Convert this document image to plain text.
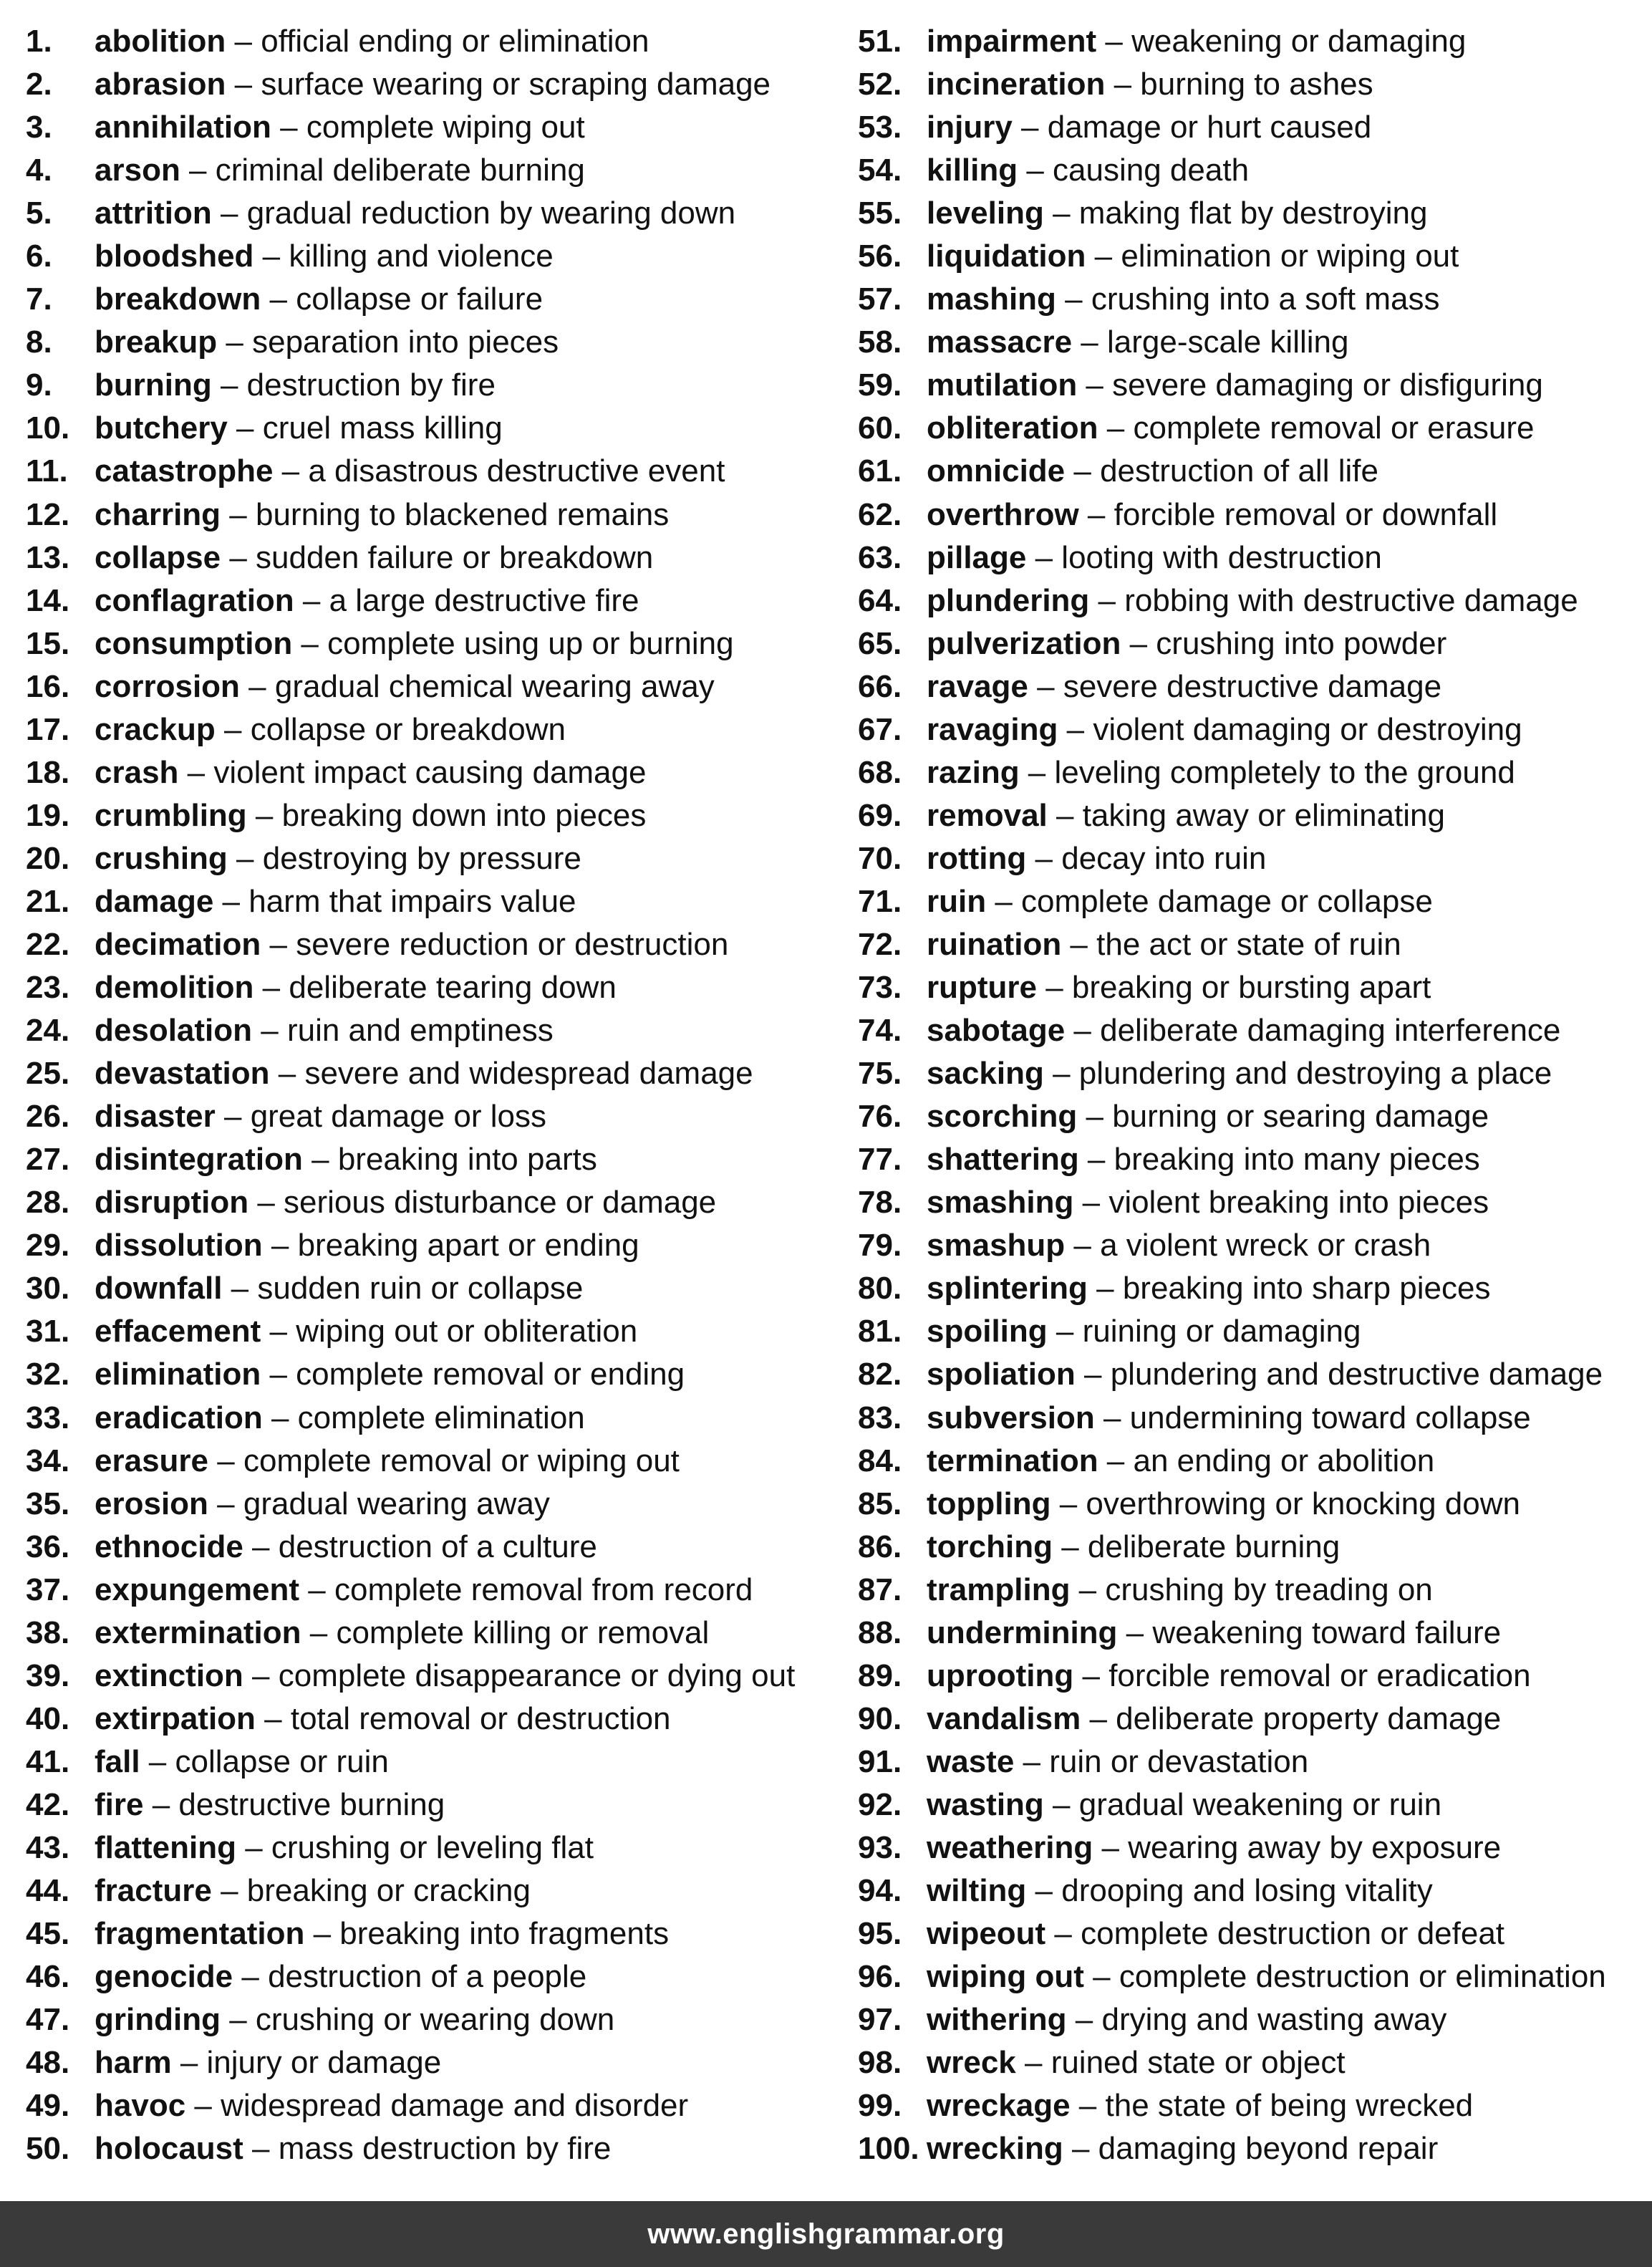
1. abolition – official ending or elimination
2. abrasion – surface wearing or scraping damage
3. annihilation – complete wiping out
4. arson – criminal deliberate burning
5. attrition – gradual reduction by wearing down
6. bloodshed – killing and violence
7. breakdown – collapse or failure
8. breakup – separation into pieces
9. burning – destruction by fire
10. butchery – cruel mass killing
11. catastrophe – a disastrous destructive event
12. charring – burning to blackened remains
13. collapse – sudden failure or breakdown
14. conflagration – a large destructive fire
15. consumption – complete using up or burning
16. corrosion – gradual chemical wearing away
17. crackup – collapse or breakdown
18. crash – violent impact causing damage
19. crumbling – breaking down into pieces
20. crushing – destroying by pressure
21. damage – harm that impairs value
22. decimation – severe reduction or destruction
23. demolition – deliberate tearing down
24. desolation – ruin and emptiness
25. devastation – severe and widespread damage
26. disaster – great damage or loss
27. disintegration – breaking into parts
28. disruption – serious disturbance or damage
29. dissolution – breaking apart or ending
30. downfall – sudden ruin or collapse
31. effacement – wiping out or obliteration
32. elimination – complete removal or ending
33. eradication – complete elimination
34. erasure – complete removal or wiping out
35. erosion – gradual wearing away
36. ethnocide – destruction of a culture
37. expungement – complete removal from record
38. extermination – complete killing or removal
39. extinction – complete disappearance or dying out
40. extirpation – total removal or destruction
41. fall – collapse or ruin
42. fire – destructive burning
43. flattening – crushing or leveling flat
44. fracture – breaking or cracking
45. fragmentation – breaking into fragments
46. genocide – destruction of a people
47. grinding – crushing or wearing down
48. harm – injury or damage
49. havoc – widespread damage and disorder
50. holocaust – mass destruction by fire
51. impairment – weakening or damaging
52. incineration – burning to ashes
53. injury – damage or hurt caused
54. killing – causing death
55. leveling – making flat by destroying
56. liquidation – elimination or wiping out
57. mashing – crushing into a soft mass
58. massacre – large-scale killing
59. mutilation – severe damaging or disfiguring
60. obliteration – complete removal or erasure
61. omnicide – destruction of all life
62. overthrow – forcible removal or downfall
63. pillage – looting with destruction
64. plundering – robbing with destructive damage
65. pulverization – crushing into powder
66. ravage – severe destructive damage
67. ravaging – violent damaging or destroying
68. razing – leveling completely to the ground
69. removal – taking away or eliminating
70. rotting – decay into ruin
71. ruin – complete damage or collapse
72. ruination – the act or state of ruin
73. rupture – breaking or bursting apart
74. sabotage – deliberate damaging interference
75. sacking – plundering and destroying a place
76. scorching – burning or searing damage
77. shattering – breaking into many pieces
78. smashing – violent breaking into pieces
79. smashup – a violent wreck or crash
80. splintering – breaking into sharp pieces
81. spoiling – ruining or damaging
82. spoliation – plundering and destructive damage
83. subversion – undermining toward collapse
84. termination – an ending or abolition
85. toppling – overthrowing or knocking down
86. torching – deliberate burning
87. trampling – crushing by treading on
88. undermining – weakening toward failure
89. uprooting – forcible removal or eradication
90. vandalism – deliberate property damage
91. waste – ruin or devastation
92. wasting – gradual weakening or ruin
93. weathering – wearing away by exposure
94. wilting – drooping and losing vitality
95. wipeout – complete destruction or defeat
96. wiping out – complete destruction or elimination
97. withering – drying and wasting away
98. wreck – ruined state or object
99. wreckage – the state of being wrecked
100. wrecking – damaging beyond repair
www.englishgrammar.org
